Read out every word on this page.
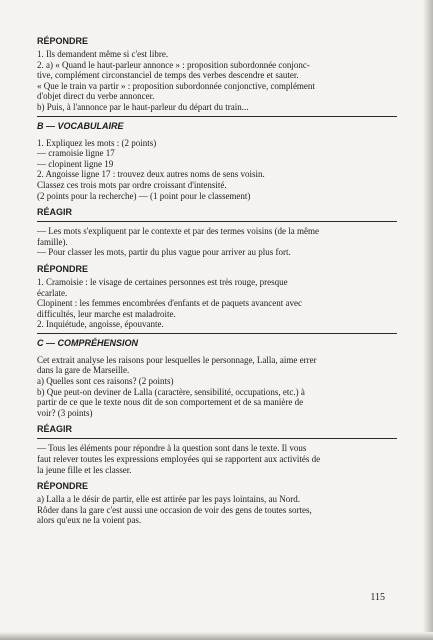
RÉPONDRE

1. Ils demandent même si c'est libre.

2. a) « Quand le haut-parleur annonce » : proposition subordonnée conjonc-

tive, complément circonstanciel de temps des verbes descendre et sauter.

« Que le train va partir » : proposition subordonnée conjonctive, complément

d'objet direct du verbe annoncer.

b) Puis, à l'annonce par le haut-parleur du départ du train...

B — VOCABULAIRE

1. Expliquez les mots : (2 points)

— cramoisie ligne 17

— clopinent ligne 19

2. Angoisse ligne 17 : trouvez deux autres noms de sens voisin.

Classez ces trois mots par ordre croissant d'intensité.

(2 points pour la recherche) — (1 point pour le classement)

RÉAGIR

— Les mots s'expliquent par le contexte et par des termes voisins (de la même

famille).

— Pour classer les mots, partir du plus vague pour arriver au plus fort.

RÉPONDRE

1. Cramoisie : le visage de certaines personnes est très rouge, presque

écarlate.

Clopinent : les femmes encombrées d'enfants et de paquets avancent avec

difficultés, leur marche est maladroite.

2. Inquiétude, angoisse, épouvante.

C — COMPRÉHENSION

Cet extrait analyse les raisons pour lesquelles le personnage, Lalla, aime errer

dans la gare de Marseille.

a) Quelles sont ces raisons? (2 points)

b) Que peut-on deviner de Lalla (caractère, sensibilité, occupations, etc.) à

partir de ce que le texte nous dit de son comportement et de sa manière de

voir? (3 points)

RÉAGIR

— Tous les éléments pour répondre à la question sont dans le texte. Il vous

faut relever toutes les expressions employées qui se rapportent aux activités de

la jeune fille et les classer.

RÉPONDRE

a) Lalla a le désir de partir, elle est attirée par les pays lointains, au Nord.

Rôder dans la gare c'est aussi une occasion de voir des gens de toutes sortes,

alors qu'eux ne la voient pas.

115
